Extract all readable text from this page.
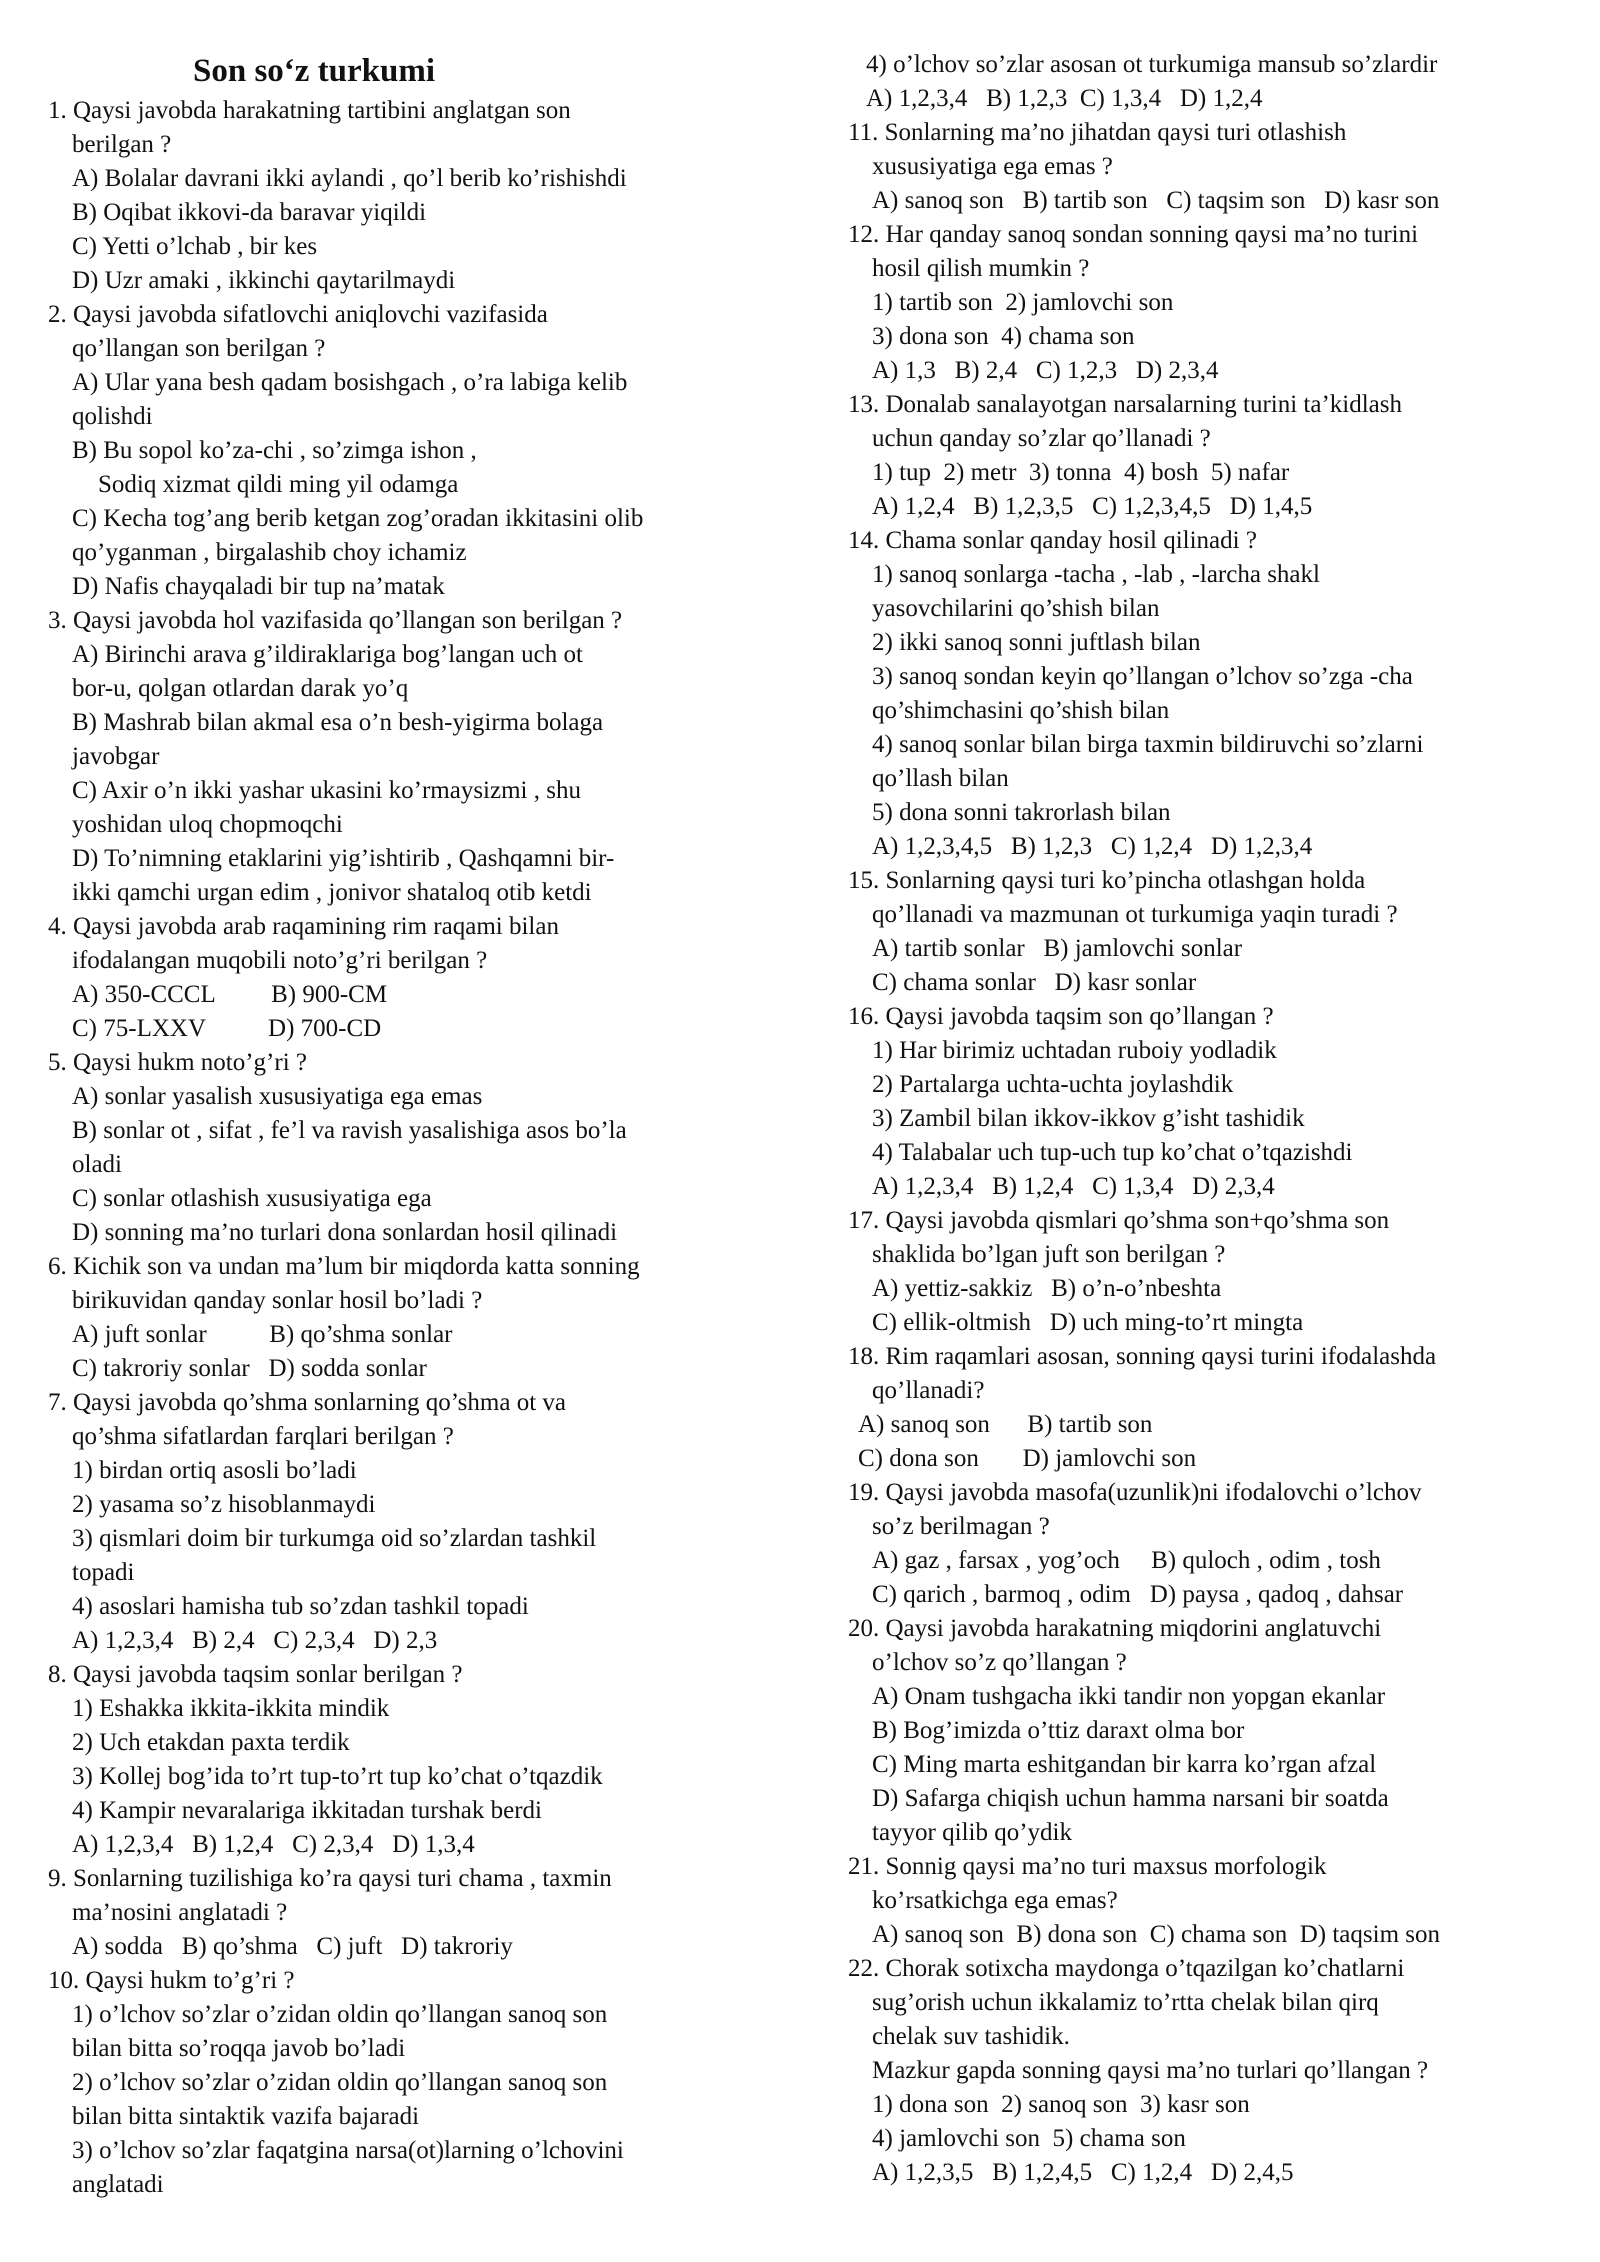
Son so‘z turkumi
1. Qaysi javobda harakatning tartibini anglatgan son
berilgan ?
A) Bolalar davrani ikki aylandi , qo’l berib ko’rishishdi
B) Oqibat ikkovi-da baravar yiqildi
C) Yetti o’lchab , bir kes
D) Uzr amaki , ikkinchi qaytarilmaydi
2. Qaysi javobda sifatlovchi aniqlovchi vazifasida
qo’llangan son berilgan ?
A) Ular yana besh qadam bosishgach , o’ra labiga kelib
qolishdi
B) Bu sopol ko’za-chi , so’zimga ishon ,
Sodiq xizmat qildi ming yil odamga
C) Kecha tog’ang berib ketgan zog’oradan ikkitasini olib
qo’yganman , birgalashib choy ichamiz
D) Nafis chayqaladi bir tup na’matak
3. Qaysi javobda hol vazifasida qo’llangan son berilgan ?
A) Birinchi arava g’ildiraklariga bog’langan uch ot
bor-u, qolgan otlardan darak yo’q
B) Mashrab bilan akmal esa o’n besh-yigirma bolaga
javobgar
C) Axir o’n ikki yashar ukasini ko’rmaysizmi , shu
yoshidan uloq chopmoqchi
D) To’nimning etaklarini yig’ishtirib , Qashqamni bir-
ikki qamchi urgan edim , jonivor shataloq otib ketdi
4. Qaysi javobda arab raqamining rim raqami bilan
ifodalangan muqobili noto’g’ri berilgan ?
A) 350-CCCL         B) 900-CM
C) 75-LXXV          D) 700-CD
5. Qaysi hukm noto’g’ri ?
A) sonlar yasalish xususiyatiga ega emas
B) sonlar ot , sifat , fe’l va ravish yasalishiga asos bo’la
oladi
C) sonlar otlashish xususiyatiga ega
D) sonning ma’no turlari dona sonlardan hosil qilinadi
6. Kichik son va undan ma’lum bir miqdorda katta sonning
birikuvidan qanday sonlar hosil bo’ladi ?
A) juft sonlar          B) qo’shma sonlar
C) takroriy sonlar   D) sodda sonlar
7. Qaysi javobda qo’shma sonlarning qo’shma ot va
qo’shma sifatlardan farqlari berilgan ?
1) birdan ortiq asosli bo’ladi
2) yasama so’z hisoblanmaydi
3) qismlari doim bir turkumga oid so’zlardan tashkil
topadi
4) asoslari hamisha tub so’zdan tashkil topadi
A) 1,2,3,4   B) 2,4   C) 2,3,4   D) 2,3
8. Qaysi javobda taqsim sonlar berilgan ?
1) Eshakka ikkita-ikkita mindik
2) Uch etakdan paxta terdik
3) Kollej bog’ida to’rt tup-to’rt tup ko’chat o’tqazdik
4) Kampir nevaralariga ikkitadan turshak berdi
A) 1,2,3,4   B) 1,2,4   C) 2,3,4   D) 1,3,4
9. Sonlarning tuzilishiga ko’ra qaysi turi chama , taxmin
ma’nosini anglatadi ?
A) sodda   B) qo’shma   C) juft   D) takroriy
10. Qaysi hukm to’g’ri ?
1) o’lchov so’zlar o’zidan oldin qo’llangan sanoq son
bilan bitta so’roqqa javob bo’ladi
2) o’lchov so’zlar o’zidan oldin qo’llangan sanoq son
bilan bitta sintaktik vazifa bajaradi
3) o’lchov so’zlar faqatgina narsa(ot)larning o’lchovini
anglatadi
4) o’lchov so’zlar asosan ot turkumiga mansub so’zlardir
A) 1,2,3,4   B) 1,2,3  C) 1,3,4   D) 1,2,4
11. Sonlarning ma’no jihatdan qaysi turi otlashish
xususiyatiga ega emas ?
A) sanoq son   B) tartib son   C) taqsim son   D) kasr son
12. Har qanday sanoq sondan sonning qaysi ma’no turini
hosil qilish mumkin ?
1) tartib son  2) jamlovchi son
3) dona son  4) chama son
A) 1,3   B) 2,4   C) 1,2,3   D) 2,3,4
13. Donalab sanalayotgan narsalarning turini ta’kidlash
uchun qanday so’zlar qo’llanadi ?
1) tup  2) metr  3) tonna  4) bosh  5) nafar
A) 1,2,4   B) 1,2,3,5   C) 1,2,3,4,5   D) 1,4,5
14. Chama sonlar qanday hosil qilinadi ?
1) sanoq sonlarga -tacha , -lab , -larcha shakl
yasovchilarini qo’shish bilan
2) ikki sanoq sonni juftlash bilan
3) sanoq sondan keyin qo’llangan o’lchov so’zga -cha
qo’shimchasini qo’shish bilan
4) sanoq sonlar bilan birga taxmin bildiruvchi so’zlarni
qo’llash bilan
5) dona sonni takrorlash bilan
A) 1,2,3,4,5   B) 1,2,3   C) 1,2,4   D) 1,2,3,4
15. Sonlarning qaysi turi ko’pincha otlashgan holda
qo’llanadi va mazmunan ot turkumiga yaqin turadi ?
A) tartib sonlar   B) jamlovchi sonlar
C) chama sonlar   D) kasr sonlar
16. Qaysi javobda taqsim son qo’llangan ?
1) Har birimiz uchtadan ruboiy yodladik
2) Partalarga uchta-uchta joylashdik
3) Zambil bilan ikkov-ikkov g’isht tashidik
4) Talabalar uch tup-uch tup ko’chat o’tqazishdi
A) 1,2,3,4   B) 1,2,4   C) 1,3,4   D) 2,3,4
17. Qaysi javobda qismlari qo’shma son+qo’shma son
shaklida bo’lgan juft son berilgan ?
A) yettiz-sakkiz   B) o’n-o’nbeshta
C) ellik-oltmish   D) uch ming-to’rt mingta
18. Rim raqamlari asosan, sonning qaysi turini ifodalashda
qo’llanadi?
A) sanoq son      B) tartib son
C) dona son       D) jamlovchi son
19. Qaysi javobda masofa(uzunlik)ni ifodalovchi o’lchov
so’z berilmagan ?
A) gaz , farsax , yog’och     B) quloch , odim , tosh
C) qarich , barmoq , odim   D) paysa , qadoq , dahsar
20. Qaysi javobda harakatning miqdorini anglatuvchi
o’lchov so’z qo’llangan ?
A) Onam tushgacha ikki tandir non yopgan ekanlar
B) Bog’imizda o’ttiz daraxt olma bor
C) Ming marta eshitgandan bir karra ko’rgan afzal
D) Safarga chiqish uchun hamma narsani bir soatda
tayyor qilib qo’ydik
21. Sonnig qaysi ma’no turi maxsus morfologik
ko’rsatkichga ega emas?
A) sanoq son  B) dona son  C) chama son  D) taqsim son
22. Chorak sotixcha maydonga o’tqazilgan ko’chatlarni
sug’orish uchun ikkalamiz to’rtta chelak bilan qirq
chelak suv tashidik.
Mazkur gapda sonning qaysi ma’no turlari qo’llangan ?
1) dona son  2) sanoq son  3) kasr son
4) jamlovchi son  5) chama son
A) 1,2,3,5   B) 1,2,4,5   C) 1,2,4   D) 2,4,5
